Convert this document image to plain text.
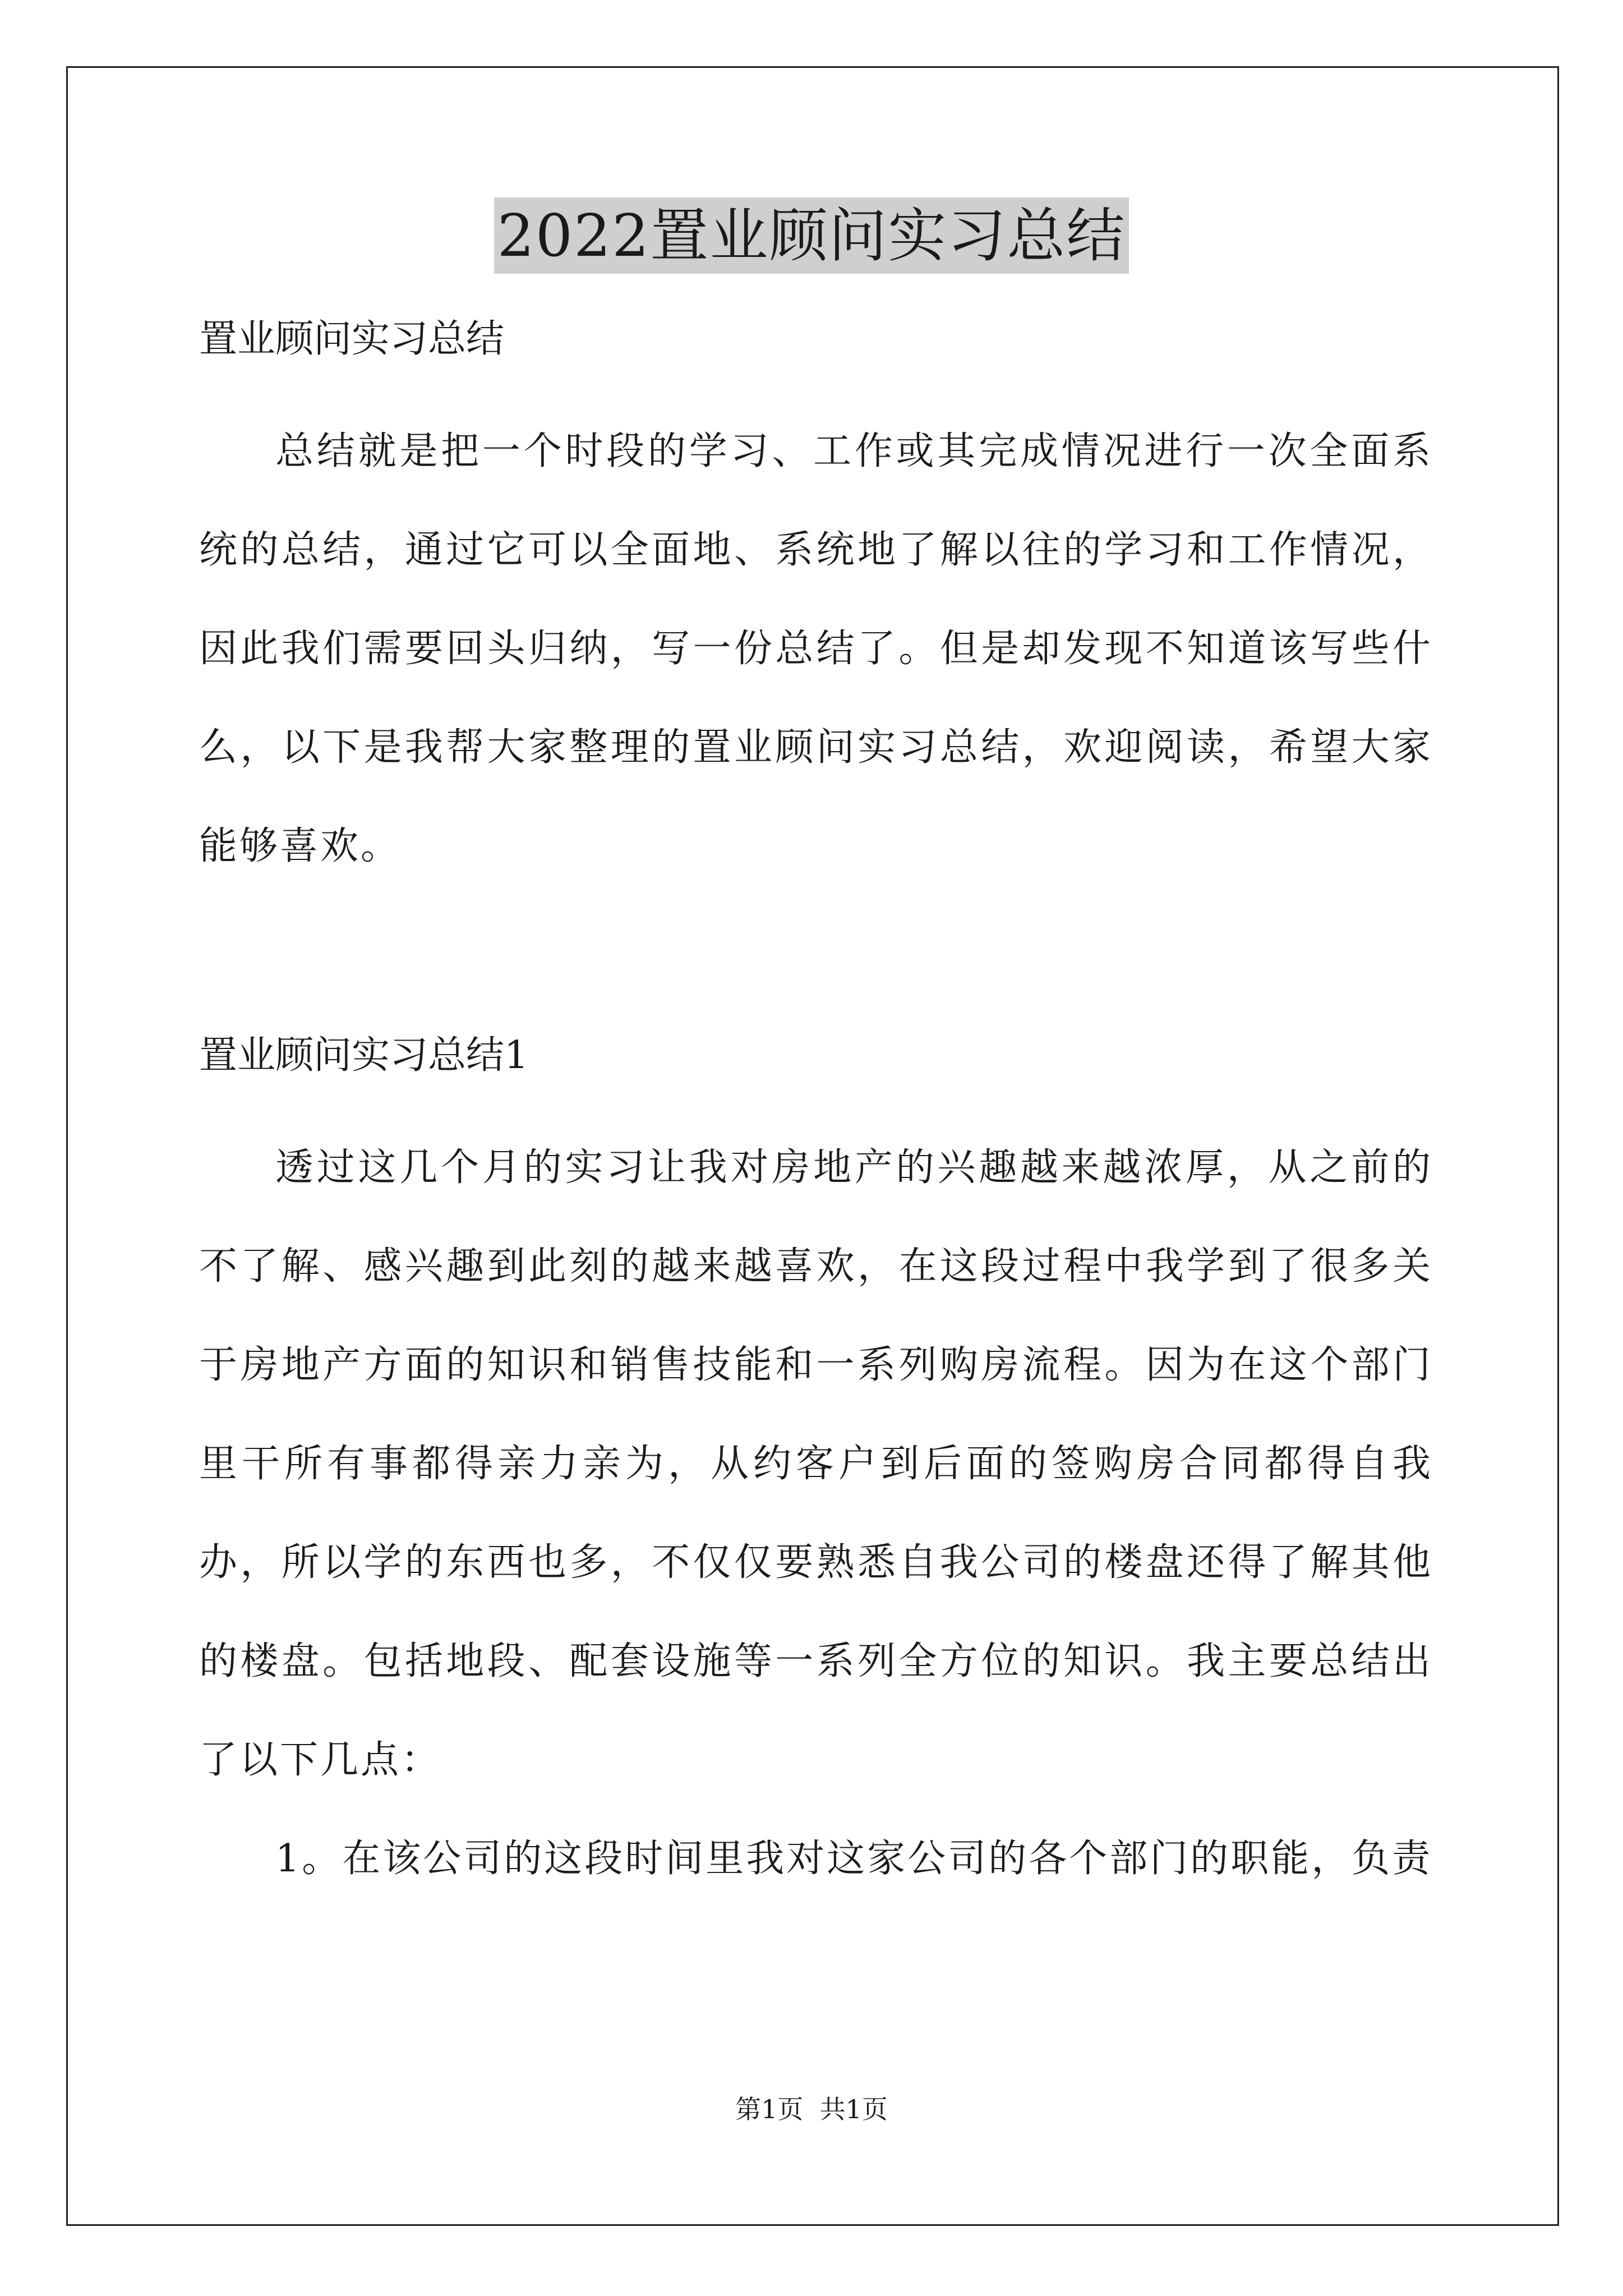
2022置业顾问实习总结

置业顾问实习总结

总结就是把一个时段的学习、工作或其完成情况进行一次全面系统的总结，通过它可以全面地、系统地了解以往的学习和工作情况，因此我们需要回头归纳，写一份总结了。但是却发现不知道该写些什么，以下是我帮大家整理的置业顾问实习总结，欢迎阅读，希望大家能够喜欢。

置业顾问实习总结1

透过这几个月的实习让我对房地产的兴趣越来越浓厚，从之前的不了解、感兴趣到此刻的越来越喜欢，在这段过程中我学到了很多关于房地产方面的知识和销售技能和一系列购房流程。因为在这个部门里干所有事都得亲力亲为，从约客户到后面的签购房合同都得自我办，所以学的东西也多，不仅仅要熟悉自我公司的楼盘还得了解其他的楼盘。包括地段、配套设施等一系列全方位的知识。我主要总结出了以下几点：

1。在该公司的这段时间里我对这家公司的各个部门的职能，负责

第1页  共1页
